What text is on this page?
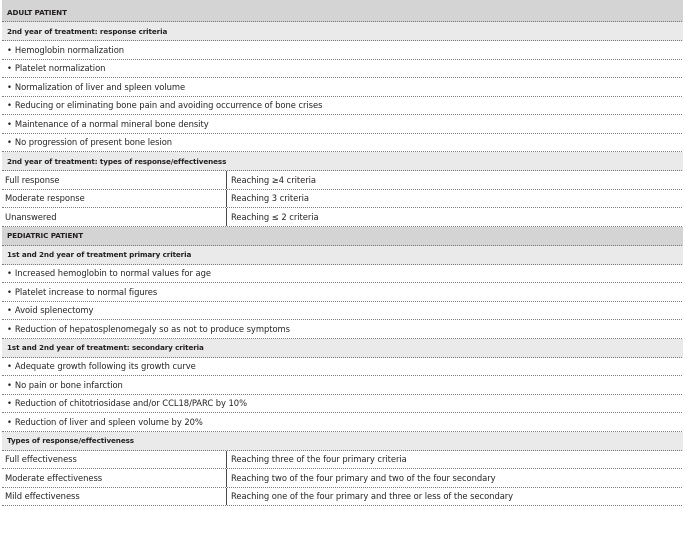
ADULT PATIENT
2nd year of treatment: response criteria
• Hemoglobin normalization
• Platelet normalization
• Normalization of liver and spleen volume
• Reducing or eliminating bone pain and avoiding occurrence of bone crises
• Maintenance of a normal mineral bone density
• No progression of present bone lesion
2nd year of treatment: types of response/effectiveness
Full response	Reaching ≥4 criteria
Moderate response	Reaching 3 criteria
Unanswered	Reaching ≤ 2 criteria
PEDIATRIC PATIENT
1st and 2nd year of treatment primary criteria
• Increased hemoglobin to normal values for age
• Platelet increase to normal figures
• Avoid splenectomy
• Reduction of hepatosplenomegaly so as not to produce symptoms
1st and 2nd year of treatment: secondary criteria
• Adequate growth following its growth curve
• No pain or bone infarction
• Reduction of chitotriosidase and/or CCL18/PARC by 10%
• Reduction of liver and spleen volume by 20%
Types of response/effectiveness
Full effectiveness	Reaching three of the four primary criteria
Moderate effectiveness	Reaching two of the four primary and two of the four secondary
Mild effectiveness	Reaching one of the four primary and three or less of the secondary
